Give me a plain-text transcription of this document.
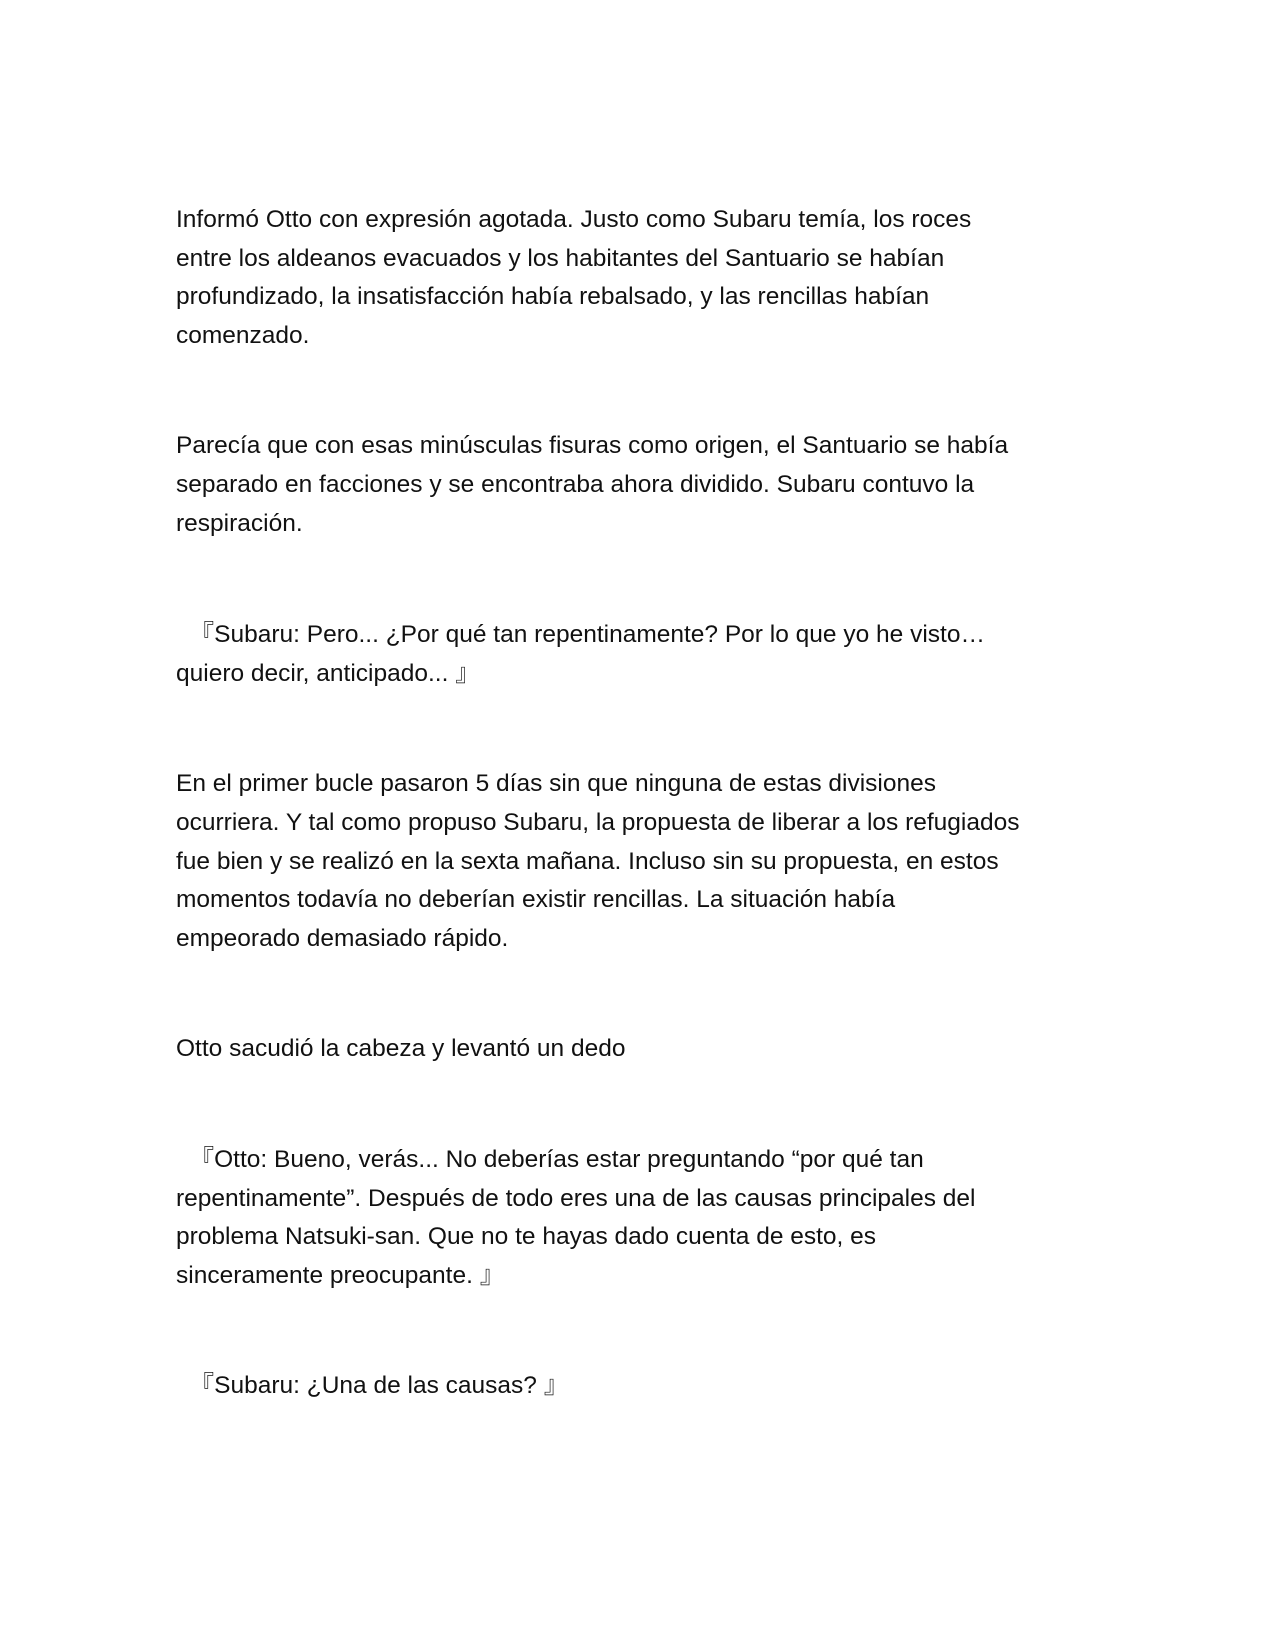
Informó Otto con expresión agotada. Justo como Subaru temía, los roces
entre los aldeanos evacuados y los habitantes del Santuario se habían
profundizado, la insatisfacción había rebalsado, y las rencillas habían
comenzado.

Parecía que con esas minúsculas fisuras como origen, el Santuario se había
separado en facciones y se encontraba ahora dividido. Subaru contuvo la
respiración.

『Subaru: Pero... ¿Por qué tan repentinamente? Por lo que yo he visto…
quiero decir, anticipado... 』

En el primer bucle pasaron 5 días sin que ninguna de estas divisiones
ocurriera. Y tal como propuso Subaru, la propuesta de liberar a los refugiados
fue bien y se realizó en la sexta mañana. Incluso sin su propuesta, en estos
momentos todavía no deberían existir rencillas. La situación había
empeorado demasiado rápido.

Otto sacudió la cabeza y levantó un dedo

『Otto: Bueno, verás... No deberías estar preguntando “por qué tan
repentinamente”. Después de todo eres una de las causas principales del
problema Natsuki-san. Que no te hayas dado cuenta de esto, es
sinceramente preocupante. 』

『Subaru: ¿Una de las causas? 』
